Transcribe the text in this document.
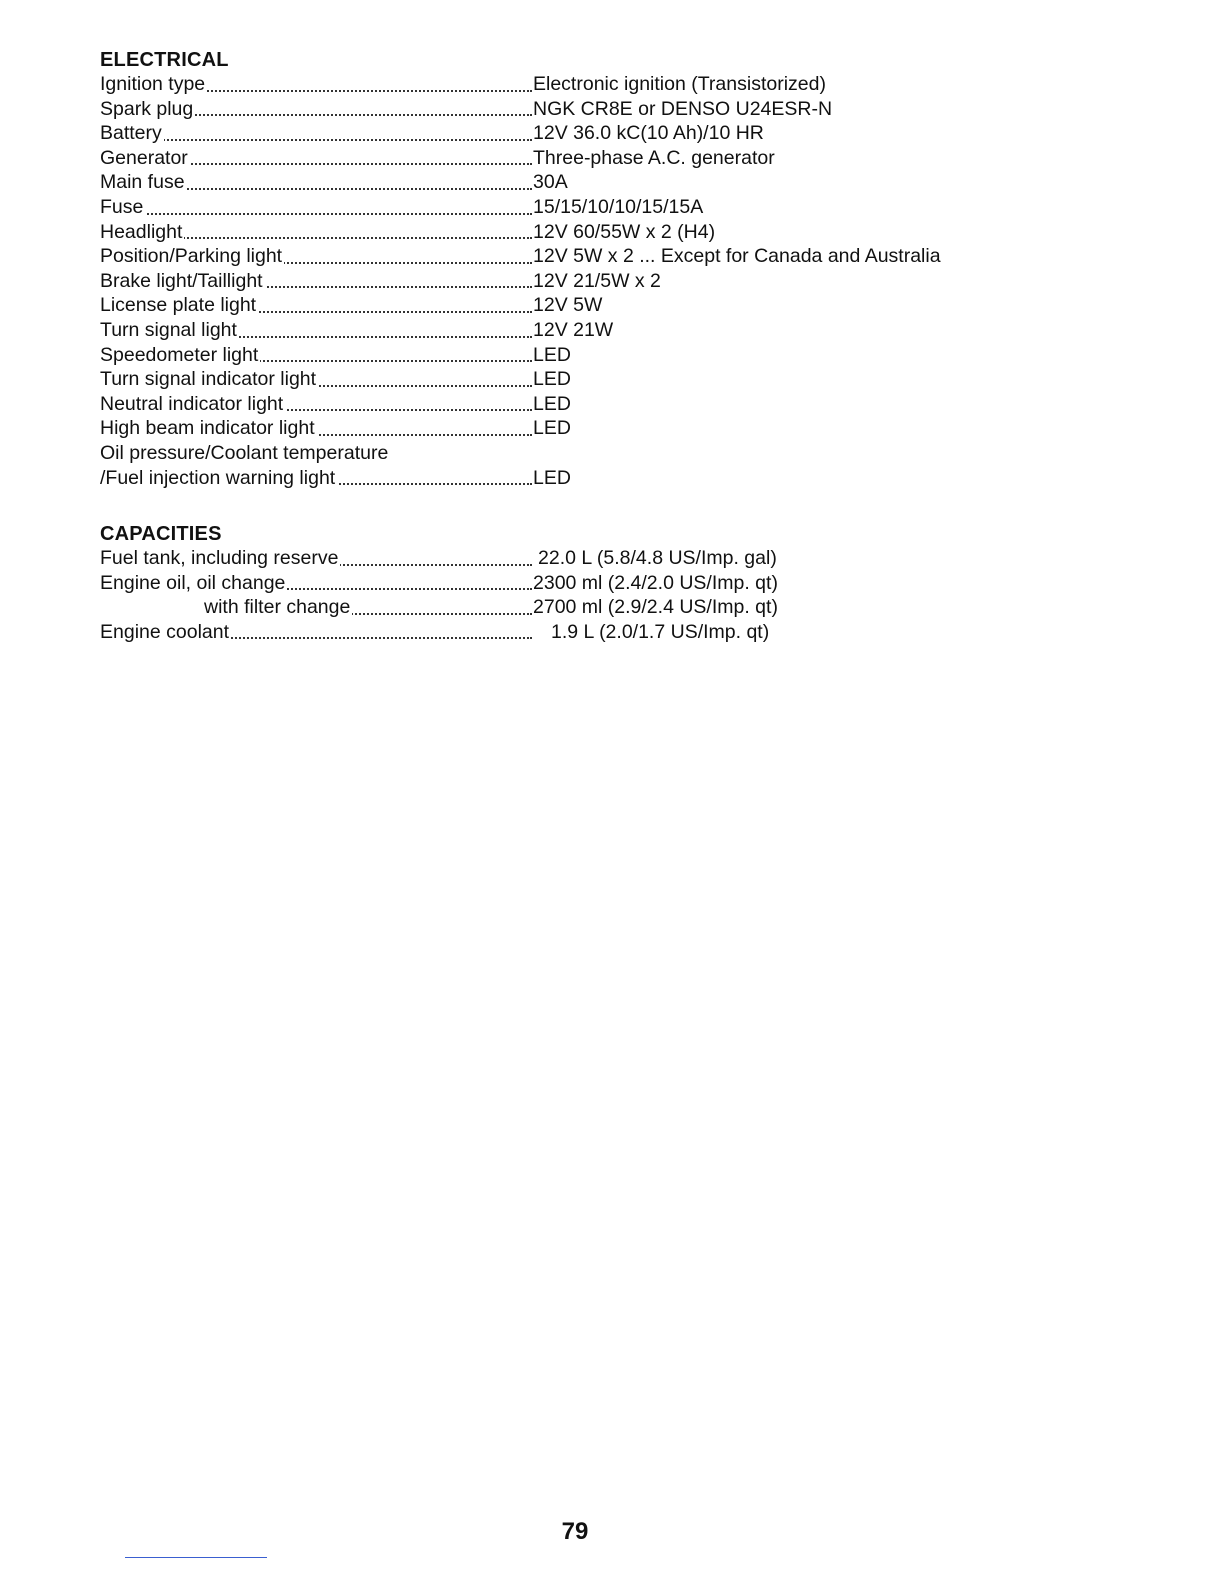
ELECTRICAL
Ignition type	Electronic ignition (Transistorized)
Spark plug	NGK CR8E or DENSO U24ESR-N
Battery	12V 36.0 kC(10 Ah)/10 HR
Generator	Three-phase A.C. generator
Main fuse	30A
Fuse	15/15/10/10/15/15A
Headlight	12V 60/55W x 2 (H4)
Position/Parking light	12V 5W x 2 ... Except for Canada and Australia
Brake light/Taillight	12V 21/5W x 2
License plate light	12V 5W
Turn signal light	12V 21W
Speedometer light	LED
Turn signal indicator light	LED
Neutral indicator light	LED
High beam indicator light	LED
Oil pressure/Coolant temperature
/Fuel injection warning light	LED
CAPACITIES
Fuel tank, including reserve	22.0 L (5.8/4.8 US/Imp. gal)
Engine oil, oil change	2300 ml (2.4/2.0 US/Imp. qt)
with filter change	2700 ml (2.9/2.4 US/Imp. qt)
Engine coolant	1.9 L (2.0/1.7 US/Imp. qt)
79
